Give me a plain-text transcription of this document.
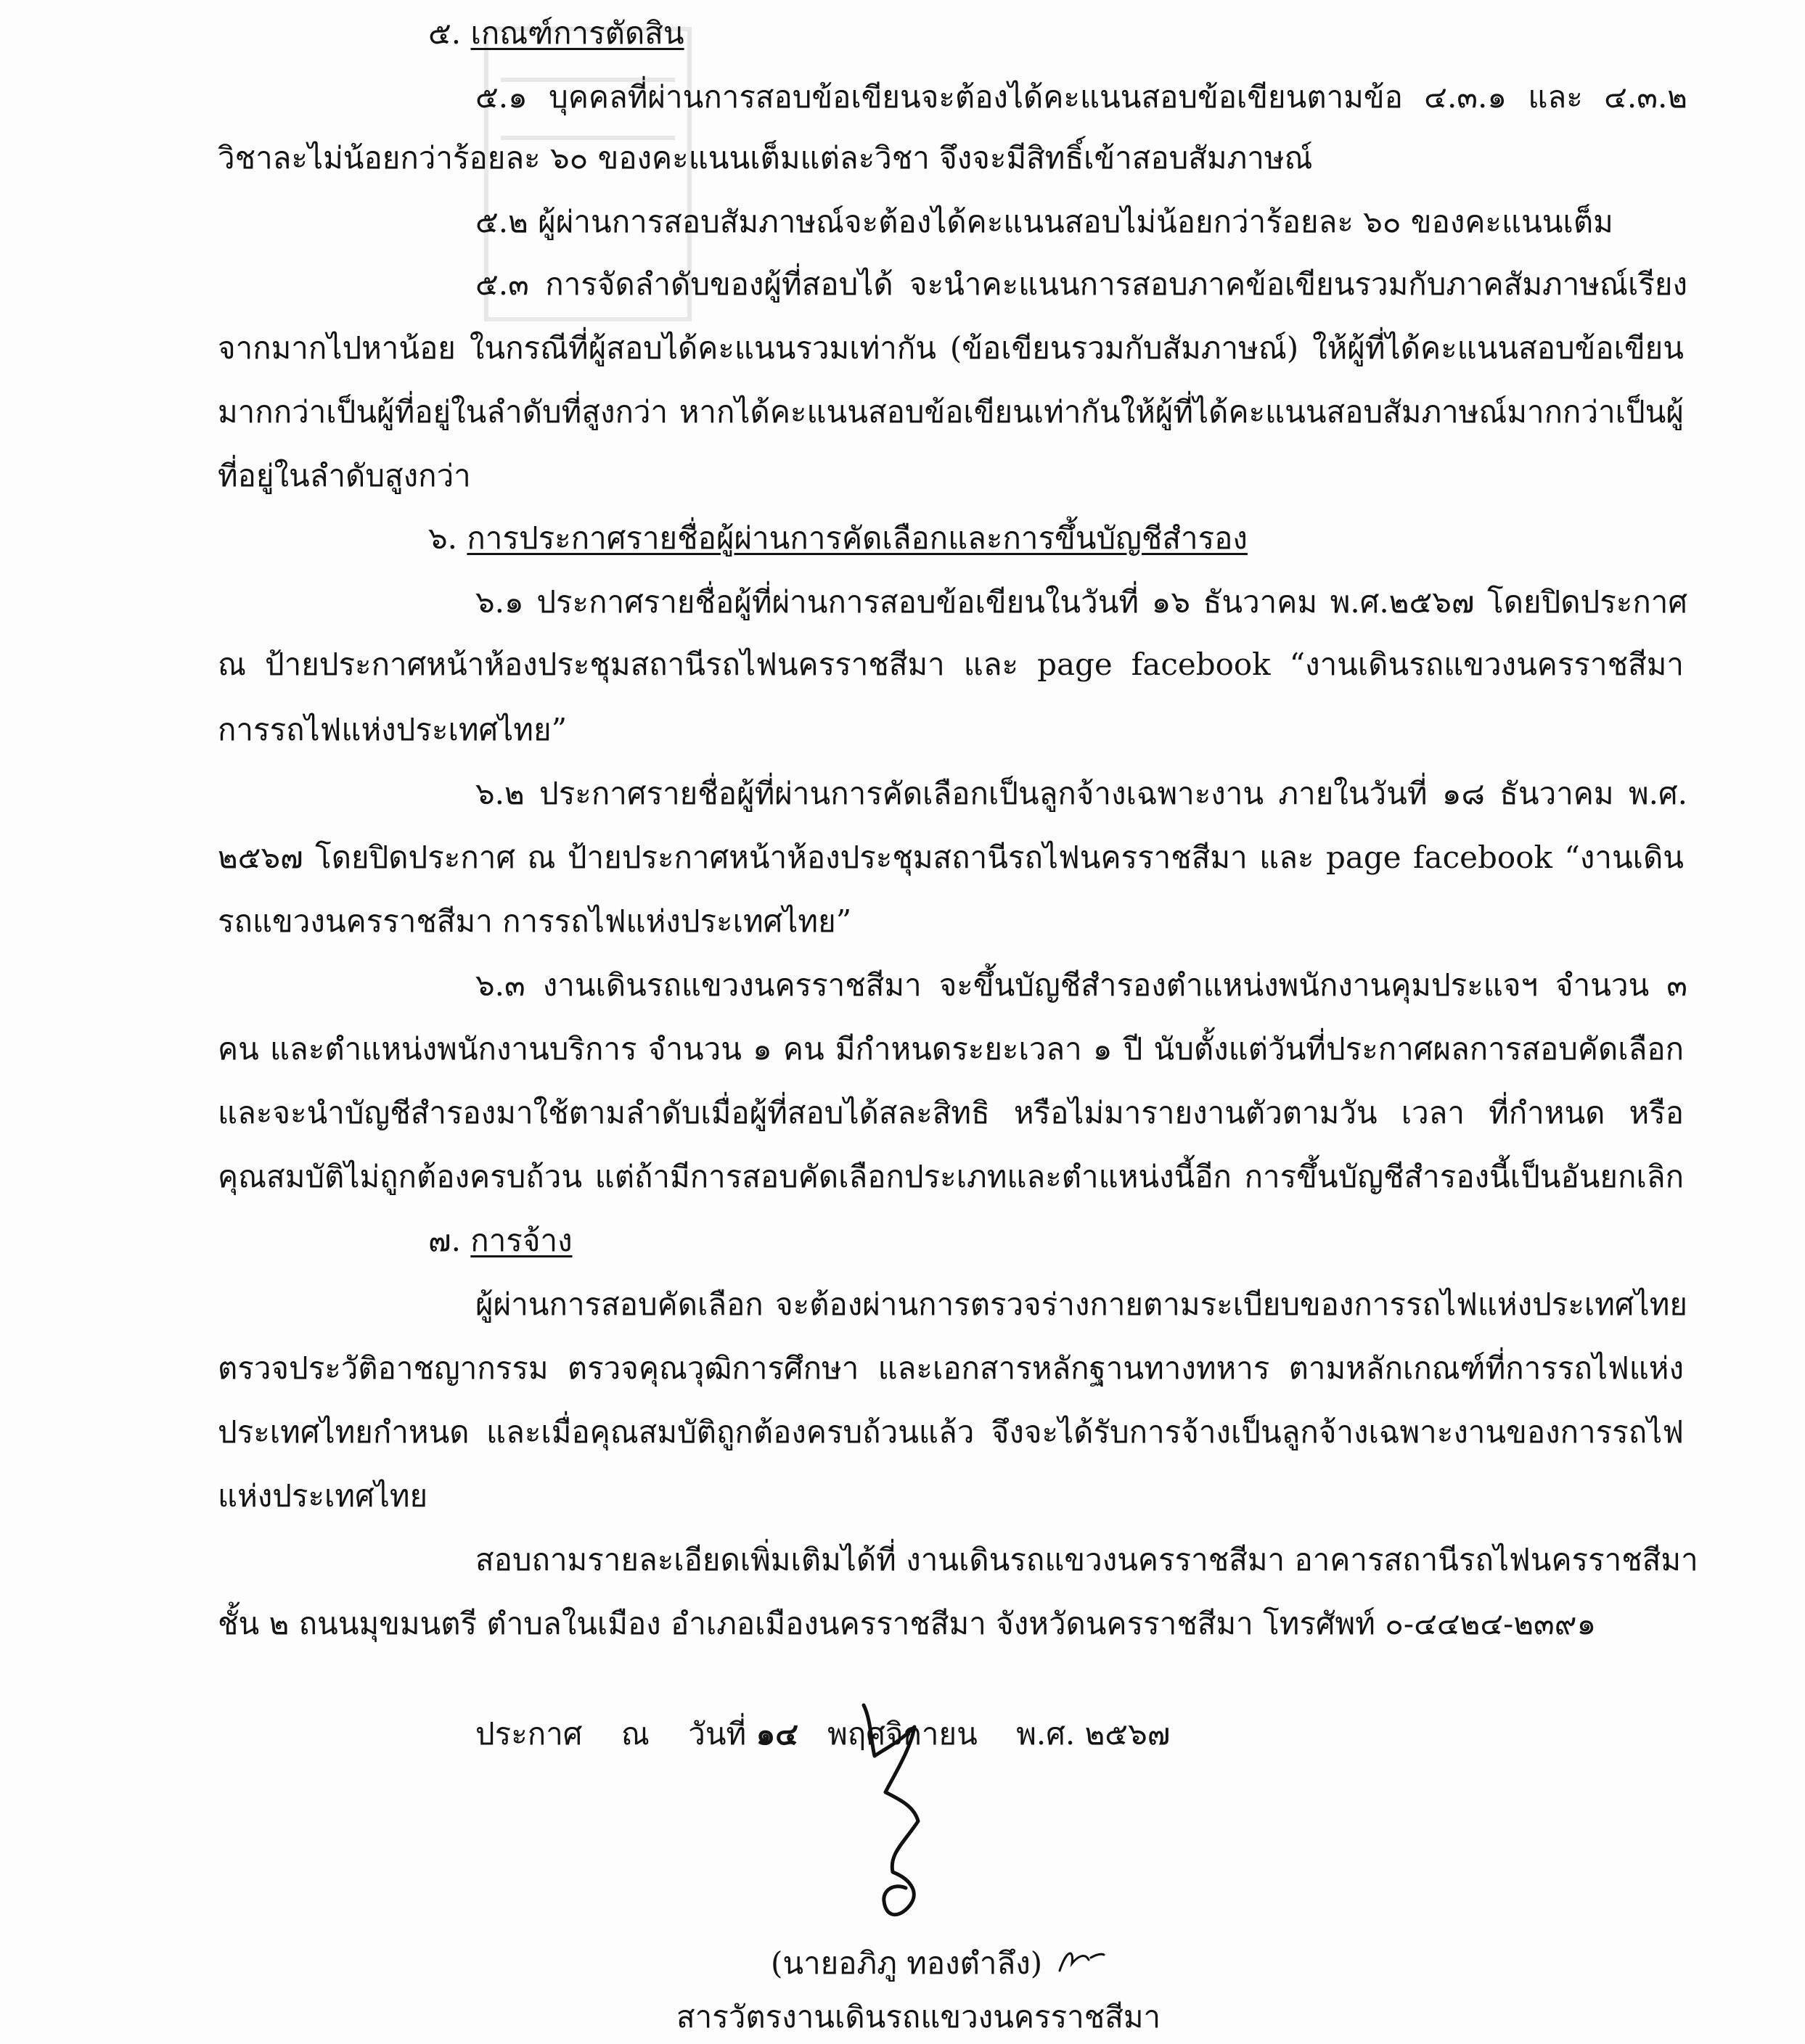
๕. เกณฑ์การตัดสิน
๕.๑ บุคคลที่ผ่านการสอบข้อเขียนจะต้องได้คะแนนสอบข้อเขียนตามข้อ ๔.๓.๑ และ ๔.๓.๒
วิชาละไม่น้อยกว่าร้อยละ ๖๐ ของคะแนนเต็มแต่ละวิชา จึงจะมีสิทธิ์เข้าสอบสัมภาษณ์
๕.๒ ผู้ผ่านการสอบสัมภาษณ์จะต้องได้คะแนนสอบไม่น้อยกว่าร้อยละ ๖๐ ของคะแนนเต็ม
๕.๓ การจัดลำดับของผู้ที่สอบได้ จะนำคะแนนการสอบภาคข้อเขียนรวมกับภาคสัมภาษณ์เรียง
จากมากไปหาน้อย ในกรณีที่ผู้สอบได้คะแนนรวมเท่ากัน (ข้อเขียนรวมกับสัมภาษณ์) ให้ผู้ที่ได้คะแนนสอบข้อเขียน
มากกว่าเป็นผู้ที่อยู่ในลำดับที่สูงกว่า หากได้คะแนนสอบข้อเขียนเท่ากันให้ผู้ที่ได้คะแนนสอบสัมภาษณ์มากกว่าเป็นผู้
ที่อยู่ในลำดับสูงกว่า
๖. การประกาศรายชื่อผู้ผ่านการคัดเลือกและการขึ้นบัญชีสำรอง
๖.๑ ประกาศรายชื่อผู้ที่ผ่านการสอบข้อเขียนในวันที่ ๑๖ ธันวาคม พ.ศ.๒๕๖๗ โดยปิดประกาศ
ณ ป้ายประกาศหน้าห้องประชุมสถานีรถไฟนครราชสีมา และ page facebook “งานเดินรถแขวงนครราชสีมา
การรถไฟแห่งประเทศไทย”
๖.๒ ประกาศรายชื่อผู้ที่ผ่านการคัดเลือกเป็นลูกจ้างเฉพาะงาน ภายในวันที่ ๑๘ ธันวาคม พ.ศ.
๒๕๖๗ โดยปิดประกาศ ณ ป้ายประกาศหน้าห้องประชุมสถานีรถไฟนครราชสีมา และ page facebook “งานเดิน
รถแขวงนครราชสีมา การรถไฟแห่งประเทศไทย”
๖.๓ งานเดินรถแขวงนครราชสีมา จะขึ้นบัญชีสำรองตำแหน่งพนักงานคุมประแจฯ จำนวน ๓
คน และตำแหน่งพนักงานบริการ จำนวน ๑ คน มีกำหนดระยะเวลา ๑ ปี นับตั้งแต่วันที่ประกาศผลการสอบคัดเลือก
และจะนำบัญชีสำรองมาใช้ตามลำดับเมื่อผู้ที่สอบได้สละสิทธิ หรือไม่มารายงานตัวตามวัน เวลา ที่กำหนด หรือ
คุณสมบัติไม่ถูกต้องครบถ้วน แต่ถ้ามีการสอบคัดเลือกประเภทและตำแหน่งนี้อีก การขึ้นบัญชีสำรองนี้เป็นอันยกเลิก
๗. การจ้าง
ผู้ผ่านการสอบคัดเลือก จะต้องผ่านการตรวจร่างกายตามระเบียบของการรถไฟแห่งประเทศไทย
ตรวจประวัติอาชญากรรม ตรวจคุณวุฒิการศึกษา และเอกสารหลักฐานทางทหาร ตามหลักเกณฑ์ที่การรถไฟแห่ง
ประเทศไทยกำหนด และเมื่อคุณสมบัติถูกต้องครบถ้วนแล้ว จึงจะได้รับการจ้างเป็นลูกจ้างเฉพาะงานของการรถไฟ
แห่งประเทศไทย
สอบถามรายละเอียดเพิ่มเติมได้ที่ งานเดินรถแขวงนครราชสีมา อาคารสถานีรถไฟนครราชสีมา
ชั้น ๒ ถนนมุขมนตรี ตำบลในเมือง อำเภอเมืองนครราชสีมา จังหวัดนครราชสีมา โทรศัพท์ ๐-๔๔๒๔-๒๓๙๑
ประกาศ ณ วันที่ ๑๔ พฤศจิกายน พ.ศ. ๒๕๖๗
(นายอภิภู ทองตำลึง)
สารวัตรงานเดินรถแขวงนครราชสีมา
